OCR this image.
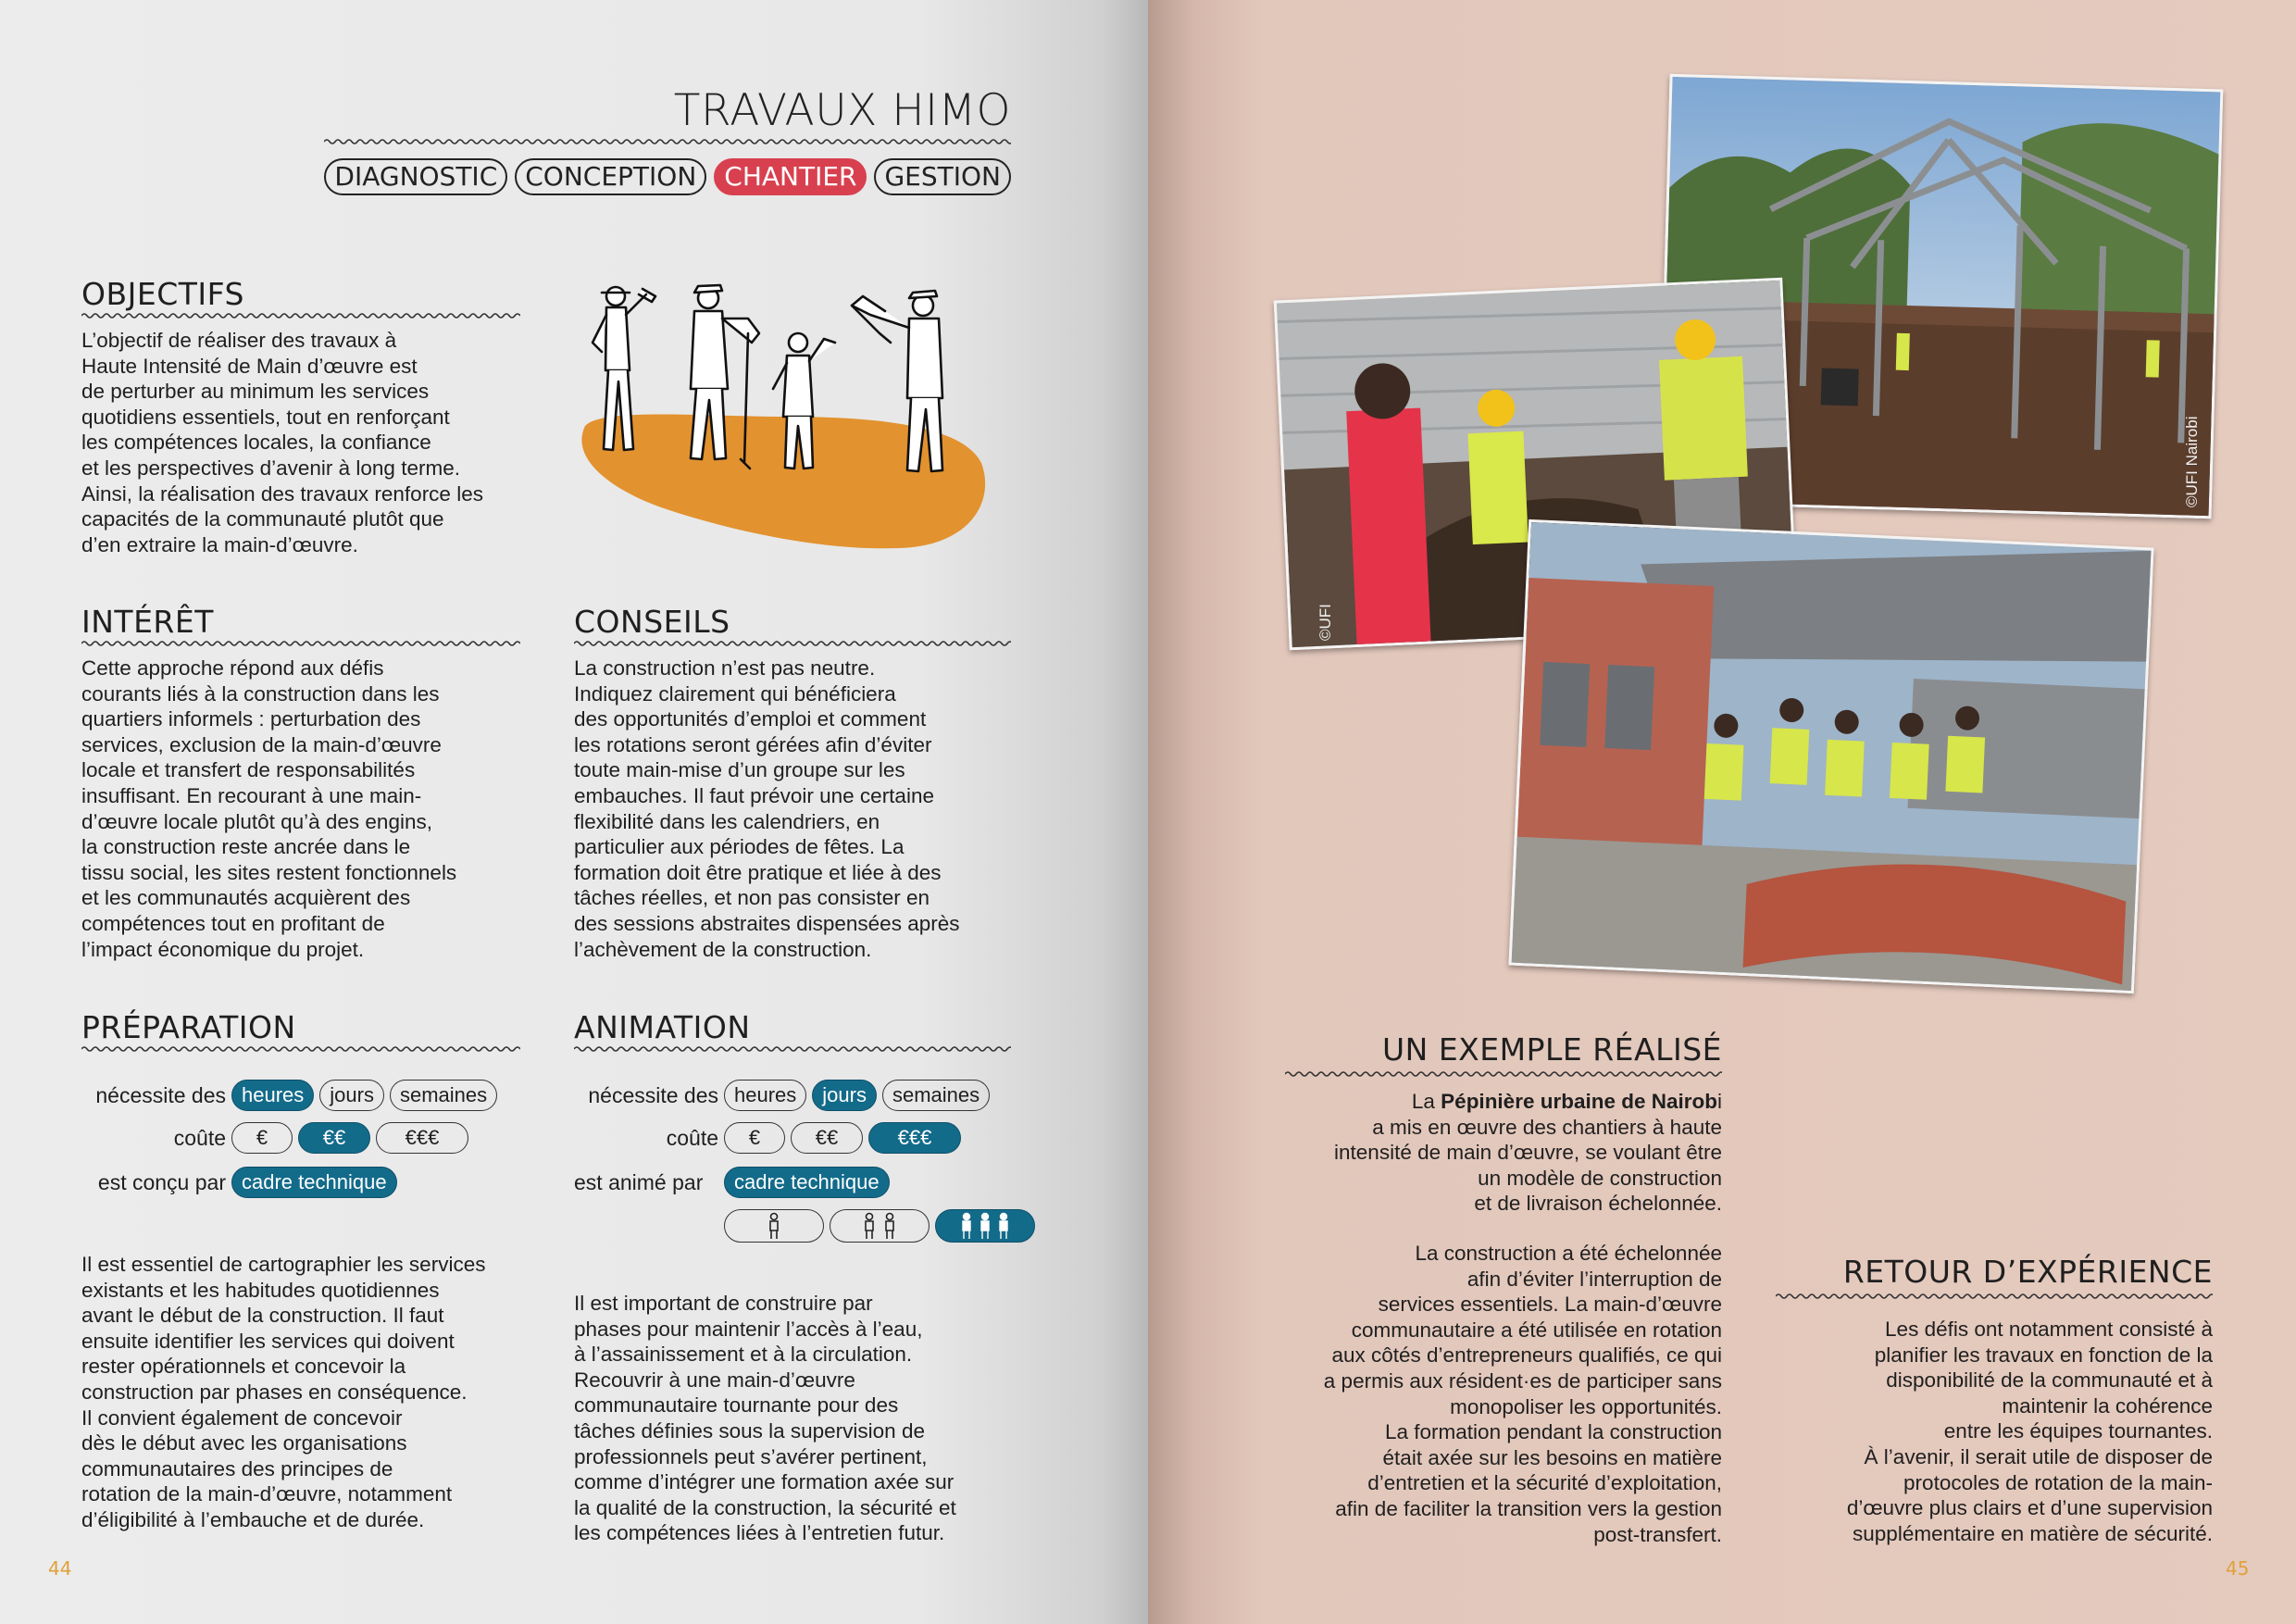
TRAVAUX HIMO
DIAGNOSTIC	CONCEPTION	CHANTIER	GESTION
OBJECTIFS
L’objectif de réaliser des travaux à
Haute Intensité de Main d’œuvre est
de perturber au minimum les services
quotidiens essentiels, tout en renforçant
les compétences locales, la confiance
et les perspectives d’avenir à long terme.
Ainsi, la réalisation des travaux renforce les
capacités de la communauté plutôt que
d’en extraire la main-d’œuvre.
INTÉRÊT
Cette approche répond aux défis
courants liés à la construction dans les
quartiers informels : perturbation des
services, exclusion de la main-d’œuvre
locale et transfert de responsabilités
insuffisant. En recourant à une main-
d’œuvre locale plutôt qu’à des engins,
la construction reste ancrée dans le
tissu social, les sites restent fonctionnels
et les communautés acquièrent des
compétences tout en profitant de
l’impact économique du projet.
CONSEILS
La construction n’est pas neutre.
Indiquez clairement qui bénéficiera
des opportunités d’emploi et comment
les rotations seront gérées afin d’éviter
toute main-mise d’un groupe sur les
embauches. Il faut prévoir une certaine
flexibilité dans les calendriers, en
particulier aux périodes de fêtes. La
formation doit être pratique et liée à des
tâches réelles, et non pas consister en
des sessions abstraites dispensées après
l’achèvement de la construction.
PRÉPARATION
nécessite des heures	jours	semaines
coûte	€	€€	€€€
est conçu par cadre technique
Il est essentiel de cartographier les services
existants et les habitudes quotidiennes
avant le début de la construction. Il faut
ensuite identifier les services qui doivent
rester opérationnels et concevoir la
construction par phases en conséquence.
Il convient également de concevoir
dès le début avec les organisations
communautaires des principes de
rotation de la main-d’œuvre, notamment
d’éligibilité à l’embauche et de durée.
ANIMATION
nécessite des heures	jours	semaines
coûte	€	€€	€€€
est animé par	cadre technique
Il est important de construire par
phases pour maintenir l’accès à l’eau,
à l’assainissement et à la circulation.
Recouvrir à une main-d’œuvre
communautaire tournante pour des
tâches définies sous la supervision de
professionnels peut s’avérer pertinent,
comme d’intégrer une formation axée sur
la qualité de la construction, la sécurité et
les compétences liées à l’entretien futur.
44
©UFI Nairobi
©UFI
UN EXEMPLE RÉALISÉ
La Pépinière urbaine de Nairobi
a mis en œuvre des chantiers à haute
intensité de main d’œuvre, se voulant être
un modèle de construction
et de livraison échelonnée.
La construction a été échelonnée
afin d’éviter l’interruption de
services essentiels. La main-d’œuvre
communautaire a été utilisée en rotation
aux côtés d’entrepreneurs qualifiés, ce qui
a permis aux résident·es de participer sans
monopoliser les opportunités.
La formation pendant la construction
était axée sur les besoins en matière
d’entretien et la sécurité d’exploitation,
afin de faciliter la transition vers la gestion
post-transfert.
RETOUR D’EXPÉRIENCE
Les défis ont notamment consisté à
planifier les travaux en fonction de la
disponibilité de la communauté et à
maintenir la cohérence
entre les équipes tournantes.
À l’avenir, il serait utile de disposer de
protocoles de rotation de la main-
d’œuvre plus clairs et d’une supervision
supplémentaire en matière de sécurité.
45
